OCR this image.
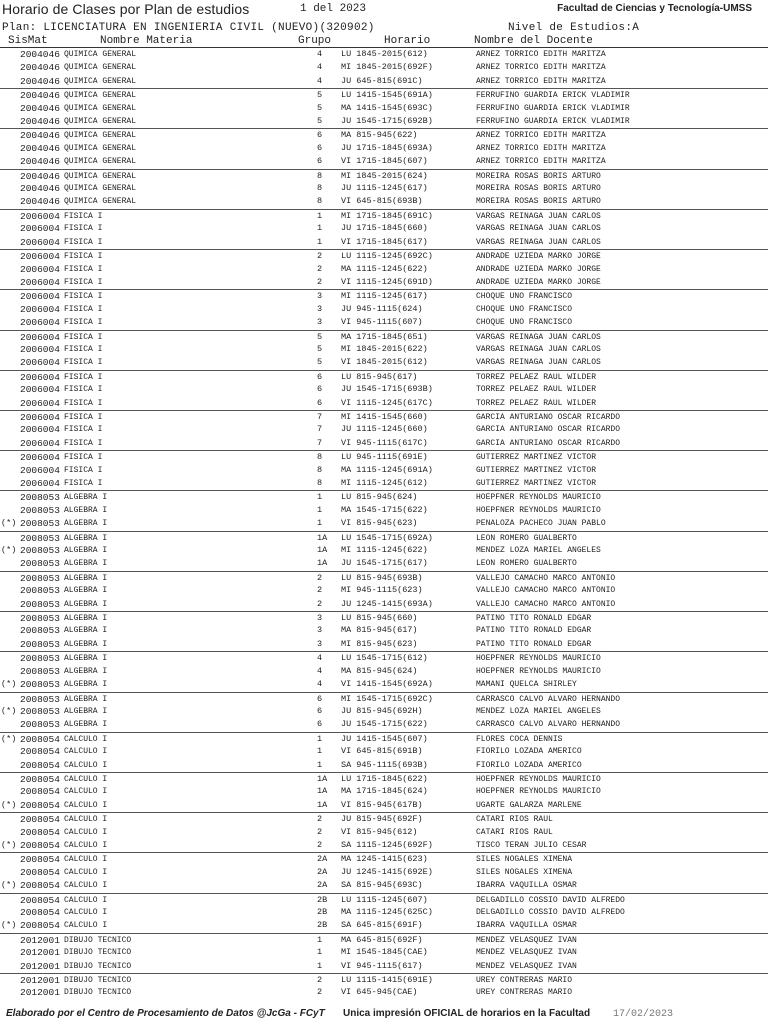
Horario de Clases por Plan de estudios	1 del 2023	Facultad de Ciencias y Tecnología-UMSS
Plan: LICENCIATURA EN INGENIERIA CIVIL (NUEVO)(320902)	Nivel de Estudios:A
SisMat	Nombre Materia	Grupo	Horario	Nombre del Docente
2004046 QUIMICA GENERAL	4 LU 1845-2015(612)	ARNEZ TORRICO EDITH MARITZA
2004046 QUIMICA GENERAL	4 MI 1845-2015(692F)	ARNEZ TORRICO EDITH MARITZA
2004046 QUIMICA GENERAL	4 JU 645-815(691C)	ARNEZ TORRICO EDITH MARITZA
2004046 QUIMICA GENERAL	5 LU 1415-1545(691A)	FERRUFINO GUARDIA ERICK VLADIMIR
2004046 QUIMICA GENERAL	5 MA 1415-1545(693C)	FERRUFINO GUARDIA ERICK VLADIMIR
2004046 QUIMICA GENERAL	5 JU 1545-1715(692B)	FERRUFINO GUARDIA ERICK VLADIMIR
2004046 QUIMICA GENERAL	6 MA 815-945(622)	ARNEZ TORRICO EDITH MARITZA
2004046 QUIMICA GENERAL	6 JU 1715-1845(693A)	ARNEZ TORRICO EDITH MARITZA
2004046 QUIMICA GENERAL	6 VI 1715-1845(607)	ARNEZ TORRICO EDITH MARITZA
2004046 QUIMICA GENERAL	8 MI 1845-2015(624)	MOREIRA ROSAS BORIS ARTURO
2004046 QUIMICA GENERAL	8 JU 1115-1245(617)	MOREIRA ROSAS BORIS ARTURO
2004046 QUIMICA GENERAL	8 VI 645-815(693B)	MOREIRA ROSAS BORIS ARTURO
2006004 FISICA I	1 MI 1715-1845(691C)	VARGAS REINAGA JUAN CARLOS
2006004 FISICA I	1 JU 1715-1845(660)	VARGAS REINAGA JUAN CARLOS
2006004 FISICA I	1 VI 1715-1845(617)	VARGAS REINAGA JUAN CARLOS
2006004 FISICA I	2 LU 1115-1245(692C)	ANDRADE UZIEDA MARKO JORGE
2006004 FISICA I	2 MA 1115-1245(622)	ANDRADE UZIEDA MARKO JORGE
2006004 FISICA I	2 VI 1115-1245(691D)	ANDRADE UZIEDA MARKO JORGE
2006004 FISICA I	3 MI 1115-1245(617)	CHOQUE UNO FRANCISCO
2006004 FISICA I	3 JU 945-1115(624)	CHOQUE UNO FRANCISCO
2006004 FISICA I	3 VI 945-1115(607)	CHOQUE UNO FRANCISCO
2006004 FISICA I	5 MA 1715-1845(651)	VARGAS REINAGA JUAN CARLOS
2006004 FISICA I	5 MI 1845-2015(622)	VARGAS REINAGA JUAN CARLOS
2006004 FISICA I	5 VI 1845-2015(612)	VARGAS REINAGA JUAN CARLOS
2006004 FISICA I	6 LU 815-945(617)	TORREZ PELAEZ RAUL WILDER
2006004 FISICA I	6 JU 1545-1715(693B)	TORREZ PELAEZ RAUL WILDER
2006004 FISICA I	6 VI 1115-1245(617C)	TORREZ PELAEZ RAUL WILDER
2006004 FISICA I	7 MI 1415-1545(660)	GARCIA ANTURIANO OSCAR RICARDO
2006004 FISICA I	7 JU 1115-1245(660)	GARCIA ANTURIANO OSCAR RICARDO
2006004 FISICA I	7 VI 945-1115(617C)	GARCIA ANTURIANO OSCAR RICARDO
2006004 FISICA I	8 LU 945-1115(691E)	GUTIERREZ MARTINEZ VICTOR
2006004 FISICA I	8 MA 1115-1245(691A)	GUTIERREZ MARTINEZ VICTOR
2006004 FISICA I	8 MI 1115-1245(612)	GUTIERREZ MARTINEZ VICTOR
2008053 ALGEBRA I	1 LU 815-945(624)	HOEPFNER REYNOLDS MAURICIO
2008053 ALGEBRA I	1 MA 1545-1715(622)	HOEPFNER REYNOLDS MAURICIO
(*) 2008053 ALGEBRA I	1 VI 815-945(623)	PENALOZA PACHECO JUAN PABLO
2008053 ALGEBRA I	1A LU 1545-1715(692A)	LEON ROMERO GUALBERTO
(*) 2008053 ALGEBRA I	1A MI 1115-1245(622)	MENDEZ LOZA MARIEL ANGELES
2008053 ALGEBRA I	1A JU 1545-1715(617)	LEON ROMERO GUALBERTO
2008053 ALGEBRA I	2 LU 815-945(693B)	VALLEJO CAMACHO MARCO ANTONIO
2008053 ALGEBRA I	2 MI 945-1115(623)	VALLEJO CAMACHO MARCO ANTONIO
2008053 ALGEBRA I	2 JU 1245-1415(693A)	VALLEJO CAMACHO MARCO ANTONIO
2008053 ALGEBRA I	3 LU 815-945(660)	PATINO TITO RONALD EDGAR
2008053 ALGEBRA I	3 MA 815-945(617)	PATINO TITO RONALD EDGAR
2008053 ALGEBRA I	3 MI 815-945(623)	PATINO TITO RONALD EDGAR
2008053 ALGEBRA I	4 LU 1545-1715(612)	HOEPFNER REYNOLDS MAURICIO
2008053 ALGEBRA I	4 MA 815-945(624)	HOEPFNER REYNOLDS MAURICIO
(*) 2008053 ALGEBRA I	4 VI 1415-1545(692A)	MAMANI QUELCA SHIRLEY
2008053 ALGEBRA I	6 MI 1545-1715(692C)	CARRASCO CALVO ALVARO HERNANDO
(*) 2008053 ALGEBRA I	6 JU 815-945(692H)	MENDEZ LOZA MARIEL ANGELES
2008053 ALGEBRA I	6 JU 1545-1715(622)	CARRASCO CALVO ALVARO HERNANDO
(*) 2008054 CALCULO I	1 JU 1415-1545(607)	FLORES COCA DENNIS
2008054 CALCULO I	1 VI 645-815(691B)	FIORILO LOZADA AMERICO
2008054 CALCULO I	1 SA 945-1115(693B)	FIORILO LOZADA AMERICO
2008054 CALCULO I	1A LU 1715-1845(622)	HOEPFNER REYNOLDS MAURICIO
2008054 CALCULO I	1A MA 1715-1845(624)	HOEPFNER REYNOLDS MAURICIO
(*) 2008054 CALCULO I	1A VI 815-945(617B)	UGARTE GALARZA MARLENE
2008054 CALCULO I	2 JU 815-945(692F)	CATARI RIOS RAUL
2008054 CALCULO I	2 VI 815-945(612)	CATARI RIOS RAUL
(*) 2008054 CALCULO I	2 SA 1115-1245(692F)	TISCO TERAN JULIO CESAR
2008054 CALCULO I	2A MA 1245-1415(623)	SILES NOGALES XIMENA
2008054 CALCULO I	2A JU 1245-1415(692E)	SILES NOGALES XIMENA
(*) 2008054 CALCULO I	2A SA 815-945(693C)	IBARRA VAQUILLA OSMAR
2008054 CALCULO I	2B LU 1115-1245(607)	DELGADILLO COSSIO DAVID ALFREDO
2008054 CALCULO I	2B MA 1115-1245(625C)	DELGADILLO COSSIO DAVID ALFREDO
(*) 2008054 CALCULO I	2B SA 645-815(691F)	IBARRA VAQUILLA OSMAR
2012001 DIBUJO TECNICO	1 MA 645-815(692F)	MENDEZ VELASQUEZ IVAN
2012001 DIBUJO TECNICO	1 MI 1545-1845(CAE)	MENDEZ VELASQUEZ IVAN
2012001 DIBUJO TECNICO	1 VI 945-1115(617)	MENDEZ VELASQUEZ IVAN
2012001 DIBUJO TECNICO	2 LU 1115-1415(691E)	UREY CONTRERAS MARIO
2012001 DIBUJO TECNICO	2 VI 645-945(CAE)	UREY CONTRERAS MARIO
Elaborado por el Centro de Procesamiento de Datos @JcGa - FCyT Unica impresión OFICIAL de horarios en la Facultad 17/02/2023
